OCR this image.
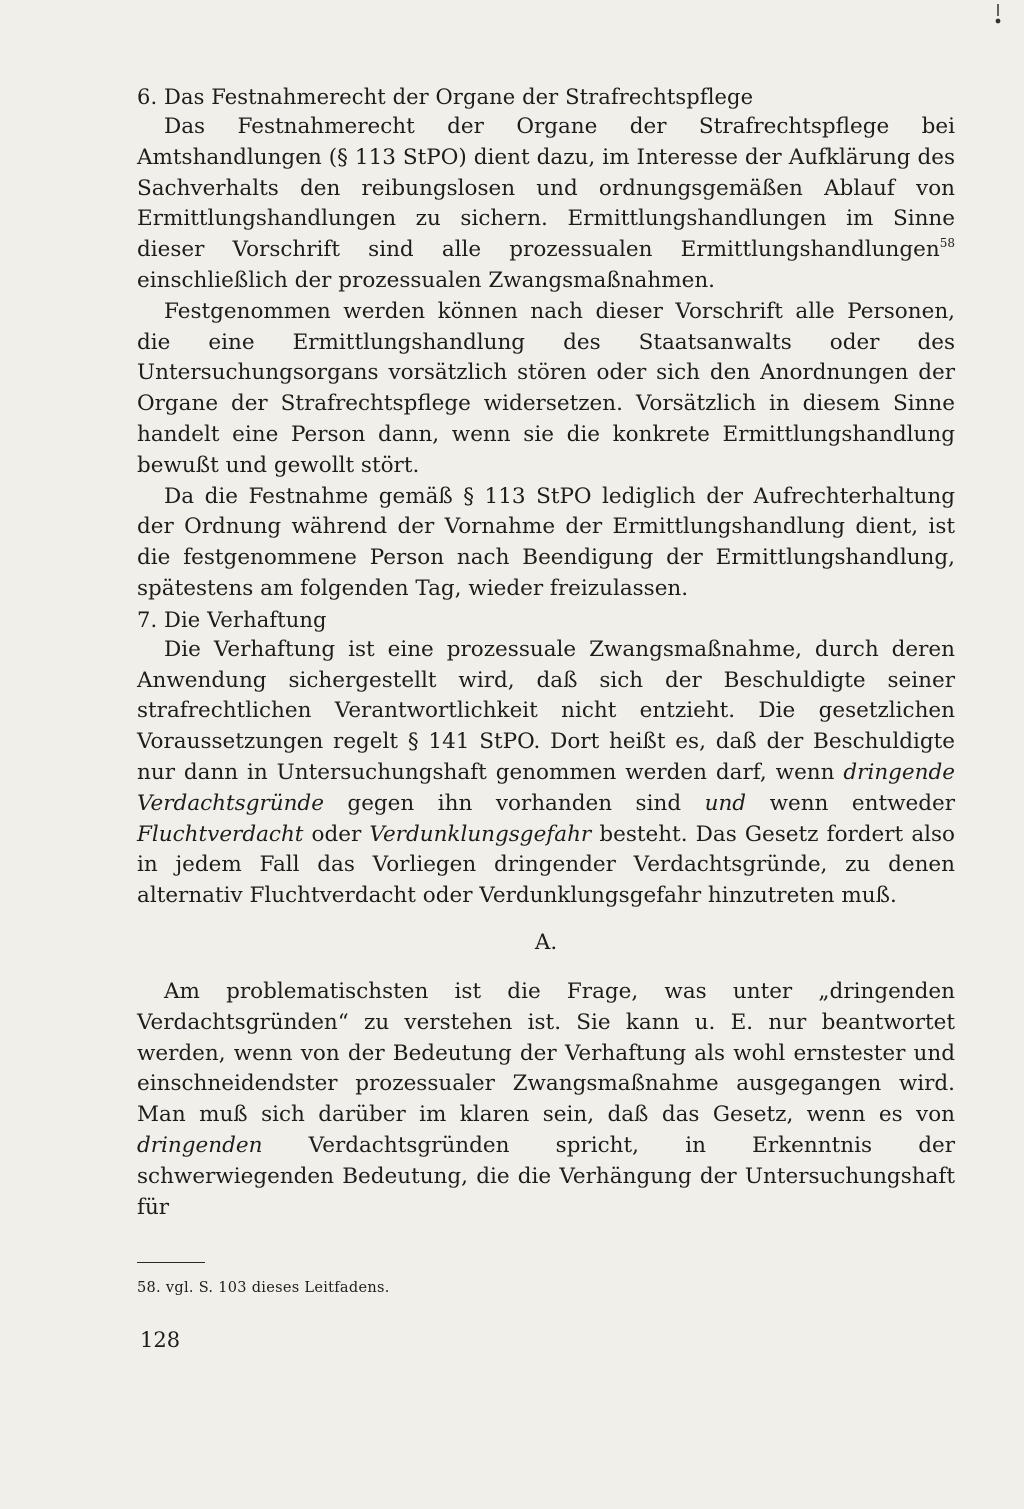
6. Das Festnahmerecht der Organe der Strafrechtspflege

Das Festnahmerecht der Organe der Strafrechtspflege bei Amtshandlungen (§ 113 StPO) dient dazu, im Interesse der Aufklärung des Sachverhalts den reibungslosen und ordnungsgemäßen Ablauf von Ermittlungshandlungen zu sichern. Ermittlungshandlungen im Sinne dieser Vorschrift sind alle prozessualen Ermittlungshandlungen$^{58}$ einschließlich der prozessualen Zwangsmaßnahmen.

Festgenommen werden können nach dieser Vorschrift alle Personen, die eine Ermittlungshandlung des Staatsanwalts oder des Untersuchungsorgans vorsätzlich stören oder sich den Anordnungen der Organe der Strafrechtspflege widersetzen. Vorsätzlich in diesem Sinne handelt eine Person dann, wenn sie die konkrete Ermittlungshandlung bewußt und gewollt stört.

Da die Festnahme gemäß § 113 StPO lediglich der Aufrechterhaltung der Ordnung während der Vornahme der Ermittlungshandlung dient, ist die festgenommene Person nach Beendigung der Ermittlungshandlung, spätestens am folgenden Tag, wieder freizulassen.

7. Die Verhaftung

Die Verhaftung ist eine prozessuale Zwangsmaßnahme, durch deren Anwendung sichergestellt wird, daß sich der Beschuldigte seiner strafrechtlichen Verantwortlichkeit nicht entzieht. Die gesetzlichen Voraussetzungen regelt § 141 StPO. Dort heißt es, daß der Beschuldigte nur dann in Untersuchungshaft genommen werden darf, wenn dringende Verdachtsgründe gegen ihn vorhanden sind und wenn entweder Fluchtverdacht oder Verdunklungsgefahr besteht. Das Gesetz fordert also in jedem Fall das Vorliegen dringender Verdachtsgründe, zu denen alternativ Fluchtverdacht oder Verdunklungsgefahr hinzutreten muß.

A.

Am problematischsten ist die Frage, was unter „dringenden Verdachtsgründen“ zu verstehen ist. Sie kann u. E. nur beantwortet werden, wenn von der Bedeutung der Verhaftung als wohl ernstester und einschneidendster prozessualer Zwangsmaßnahme ausgegangen wird. Man muß sich darüber im klaren sein, daß das Gesetz, wenn es von dringenden Verdachtsgründen spricht, in Erkenntnis der schwerwiegenden Bedeutung, die die Verhängung der Untersuchungshaft für

58. vgl. S. 103 dieses Leitfadens.
128
